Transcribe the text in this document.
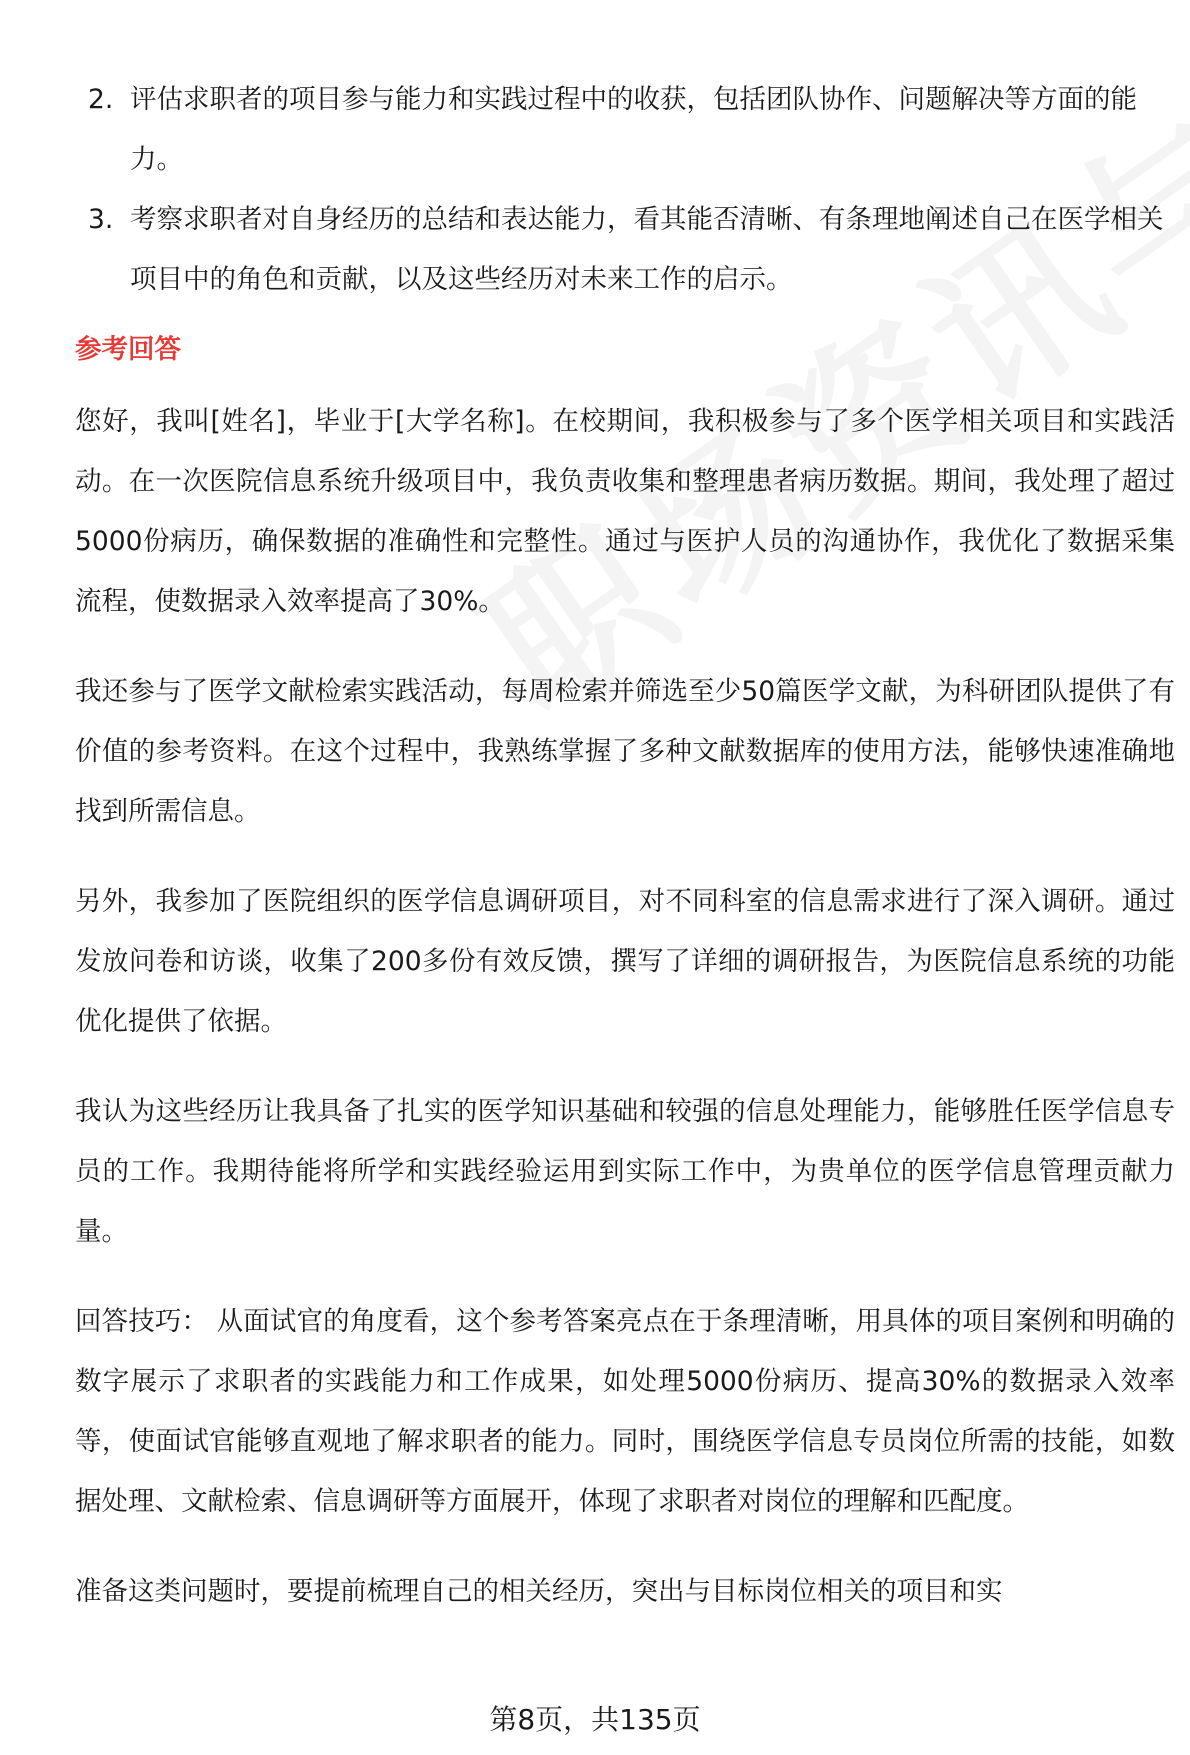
2. 评估求职者的项目参与能力和实践过程中的收获，包括团队协作、问题解决等方面的能力。
3. 考察求职者对自身经历的总结和表达能力，看其能否清晰、有条理地阐述自己在医学相关项目中的角色和贡献，以及这些经历对未来工作的启示。
参考回答

您好，我叫[姓名]，毕业于[大学名称]。在校期间，我积极参与了多个医学相关项目和实践活动。在一次医院信息系统升级项目中，我负责收集和整理患者病历数据。期间，我处理了超过5000份病历，确保数据的准确性和完整性。通过与医护人员的沟通协作，我优化了数据采集流程，使数据录入效率提高了30%。

我还参与了医学文献检索实践活动，每周检索并筛选至少50篇医学文献，为科研团队提供了有价值的参考资料。在这个过程中，我熟练掌握了多种文献数据库的使用方法，能够快速准确地找到所需信息。

另外，我参加了医院组织的医学信息调研项目，对不同科室的信息需求进行了深入调研。通过发放问卷和访谈，收集了200多份有效反馈，撰写了详细的调研报告，为医院信息系统的功能优化提供了依据。

我认为这些经历让我具备了扎实的医学知识基础和较强的信息处理能力，能够胜任医学信息专员的工作。我期待能将所学和实践经验运用到实际工作中，为贵单位的医学信息管理贡献力量。

回答技巧： 从面试官的角度看，这个参考答案亮点在于条理清晰，用具体的项目案例和明确的数字展示了求职者的实践能力和工作成果，如处理5000份病历、提高30%的数据录入效率等，使面试官能够直观地了解求职者的能力。同时，围绕医学信息专员岗位所需的技能，如数据处理、文献检索、信息调研等方面展开，体现了求职者对岗位的理解和匹配度。

准备这类问题时，要提前梳理自己的相关经历，突出与目标岗位相关的项目和实

第8页，共135页
